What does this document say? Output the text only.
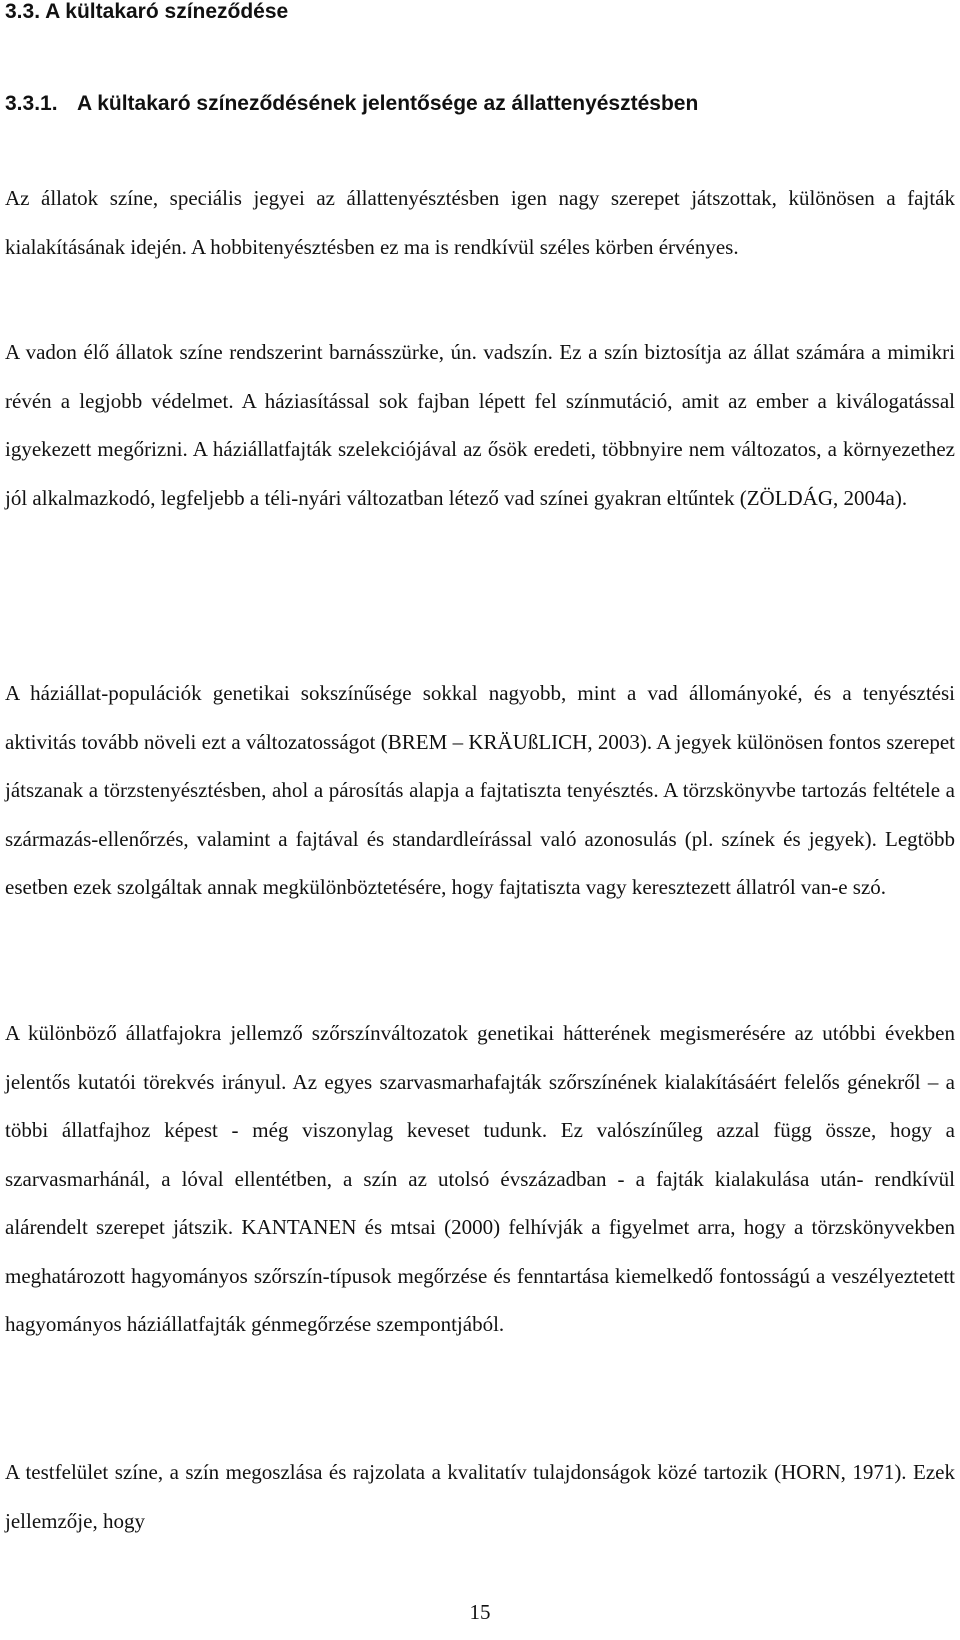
3.3. A kültakaró színeződése
3.3.1. A kültakaró színeződésének jelentősége az állattenyésztésben

Az állatok színe, speciális jegyei az állattenyésztésben igen nagy szerepet játszottak, különösen a fajták kialakításának idején. A hobbitenyésztésben ez ma is rendkívül széles körben érvényes.

A vadon élő állatok színe rendszerint barnásszürke, ún. vadszín. Ez a szín biztosítja az állat számára a mimikri révén a legjobb védelmet. A háziasítással sok fajban lépett fel színmutáció, amit az ember a kiválogatással igyekezett megőrizni. A háziállatfajták szelekciójával az ősök eredeti, többnyire nem változatos, a környezethez jól alkalmazkodó, legfeljebb a téli-nyári változatban létező vad színei gyakran eltűntek (ZÖLDÁG, 2004a).

A háziállat-populációk genetikai sokszínűsége sokkal nagyobb, mint a vad állományoké, és a tenyésztési aktivitás tovább növeli ezt a változatosságot (BREM – KRÄUßLICH, 2003). A jegyek különösen fontos szerepet játszanak a törzstenyésztésben, ahol a párosítás alapja a fajtatiszta tenyésztés. A törzskönyvbe tartozás feltétele a származás-ellenőrzés, valamint a fajtával és standardleírással való azonosulás (pl. színek és jegyek). Legtöbb esetben ezek szolgáltak annak megkülönböztetésére, hogy fajtatiszta vagy keresztezett állatról van-e szó.

A különböző állatfajokra jellemző szőrszínváltozatok genetikai hátterének megismerésére az utóbbi években jelentős kutatói törekvés irányul. Az egyes szarvasmarhafajták szőrszínének kialakításáért felelős génekről – a többi állatfajhoz képest - még viszonylag keveset tudunk. Ez valószínűleg azzal függ össze, hogy a szarvasmarhánál, a lóval ellentétben, a szín az utolsó évszázadban - a fajták kialakulása után- rendkívül alárendelt szerepet játszik. KANTANEN és mtsai (2000) felhívják a figyelmet arra, hogy a törzskönyvekben meghatározott hagyományos szőrszín-típusok megőrzése és fenntartása kiemelkedő fontosságú a veszélyeztetett hagyományos háziállatfajták génmegőrzése szempontjából.

A testfelület színe, a szín megoszlása és rajzolata a kvalitatív tulajdonságok közé tartozik (HORN, 1971). Ezek jellemzője, hogy

15
